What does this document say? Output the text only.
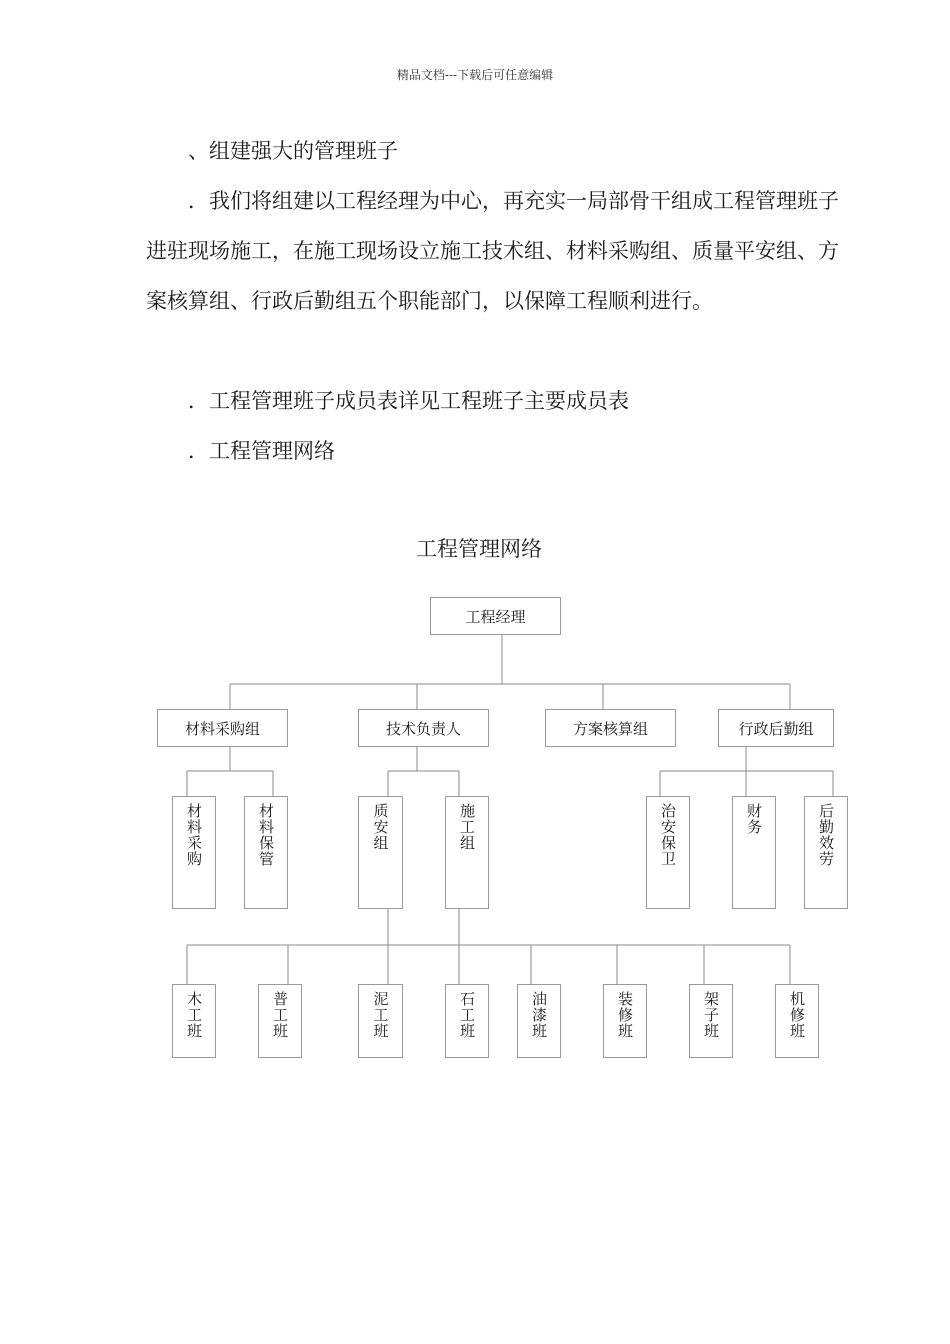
精品文档---下载后可任意编辑
、组建强大的管理班子
．我们将组建以工程经理为中心，再充实一局部骨干组成工程管理班子进驻现场施工，在施工现场设立施工技术组、材料采购组、质量平安组、方案核算组、行政后勤组五个职能部门，以保障工程顺利进行。
．工程管理班子成员表详见工程班子主要成员表
．工程管理网络
工程管理网络
工程经理
材料采购组	技术负责人	方案核算组	行政后勤组
材料采购	材料保管	质安组	施工组	治安保卫	财务	后勤效劳
木工班	普工班	泥工班	石工班	油漆班	装修班	架子班	机修班
